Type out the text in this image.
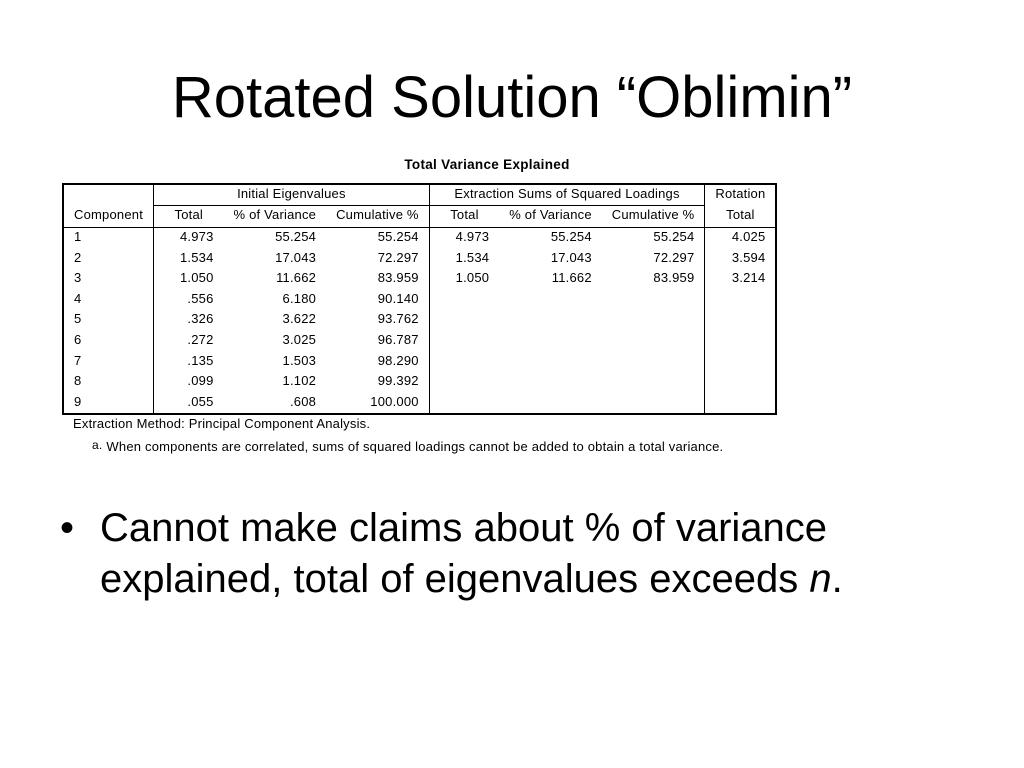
Rotated Solution “Oblimin”
Total Variance Explained
	Initial Eigenvalues			Extraction Sums of Squared Loadings			Rotation
Component	Total	% of Variance	Cumulative %	Total	% of Variance	Cumulative %	Total
1	4.973	55.254	55.254	4.973	55.254	55.254	4.025
2	1.534	17.043	72.297	1.534	17.043	72.297	3.594
3	1.050	11.662	83.959	1.050	11.662	83.959	3.214
4	.556	6.180	90.140				
5	.326	3.622	93.762				
6	.272	3.025	96.787				
7	.135	1.503	98.290				
8	.099	1.102	99.392				
9	.055	.608	100.000				
Extraction Method: Principal Component Analysis.
a. When components are correlated, sums of squared loadings cannot be added to obtain a total variance.
• Cannot make claims about % of variance explained, total of eigenvalues exceeds n.
